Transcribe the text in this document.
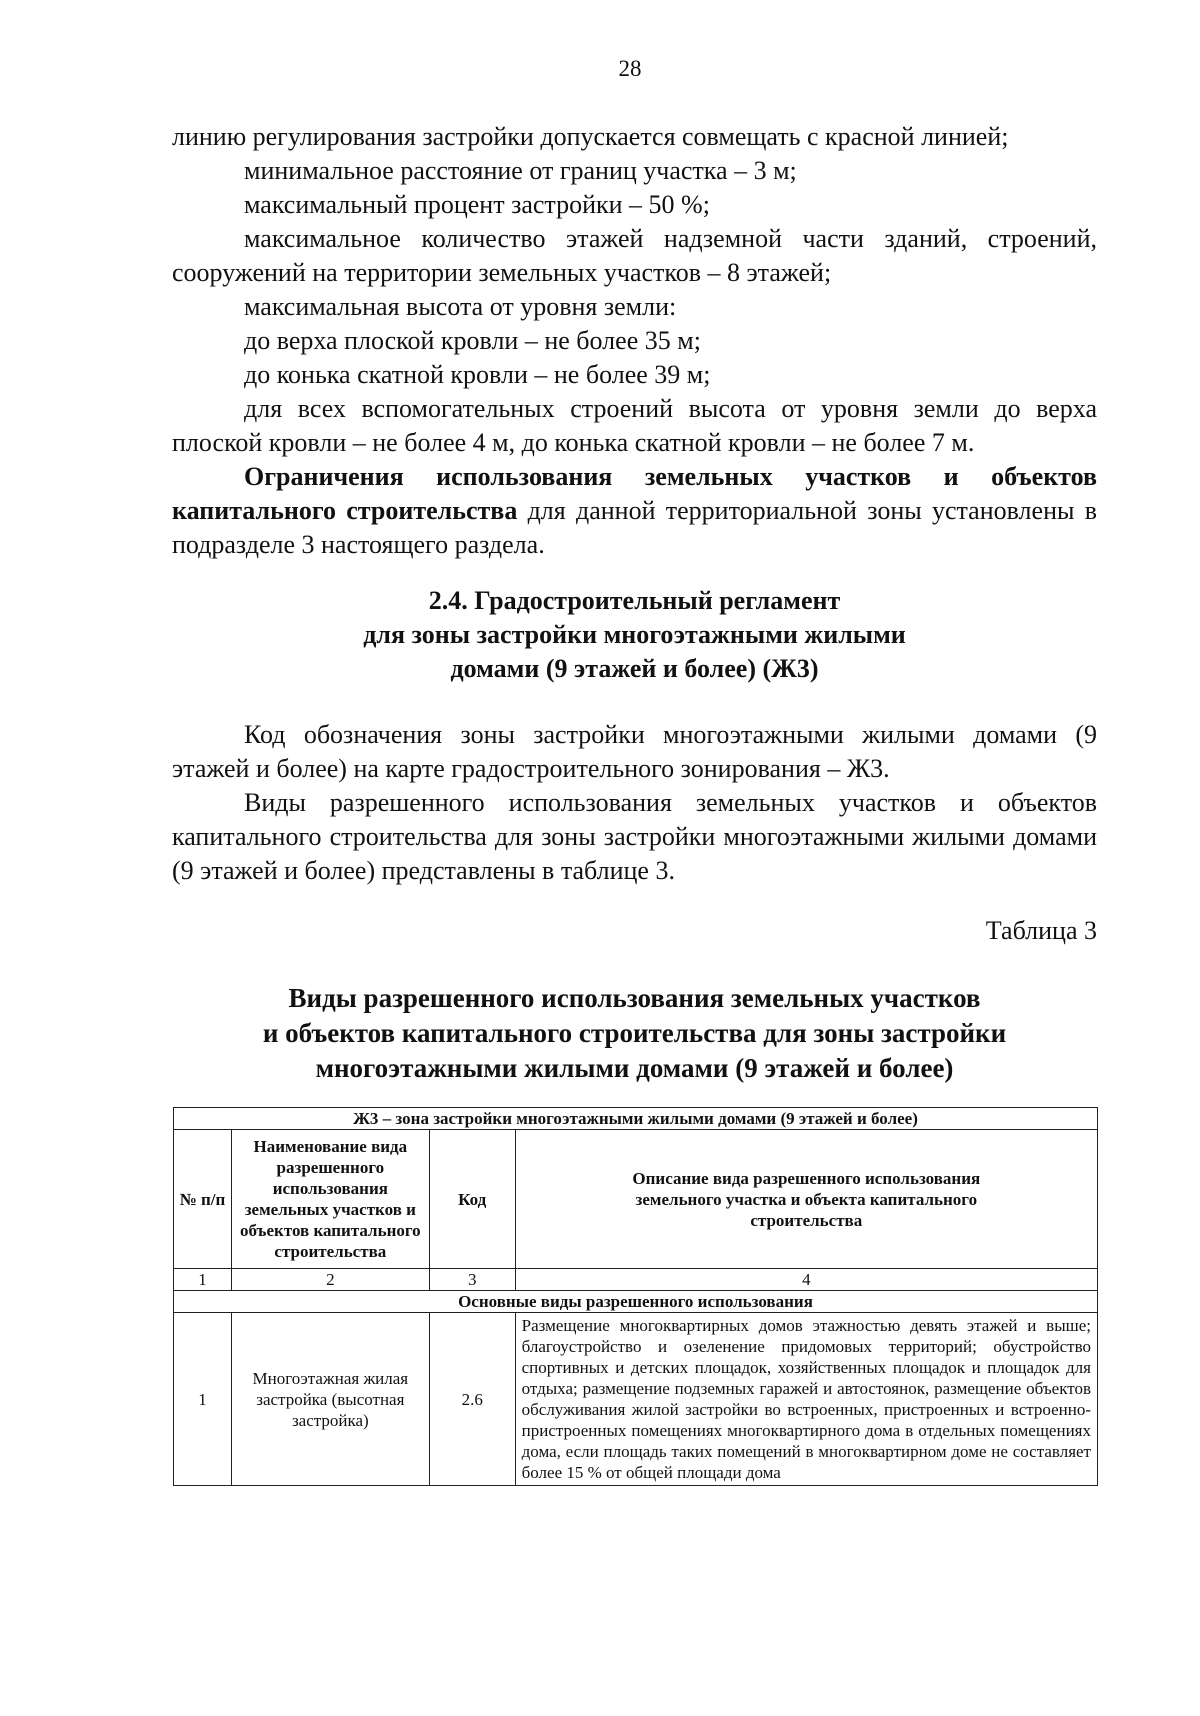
28

линию регулирования застройки допускается совмещать с красной линией;

минимальное расстояние от границ участка – 3 м;

максимальный процент застройки – 50 %;

максимальное количество этажей надземной части зданий, строений, сооружений на территории земельных участков – 8 этажей;

максимальная высота от уровня земли:

до верха плоской кровли – не более 35 м;

до конька скатной кровли – не более 39 м;

для всех вспомогательных строений высота от уровня земли до верха плоской кровли – не более 4 м, до конька скатной кровли – не более 7 м.

Ограничения использования земельных участков и объектов капитального строительства для данной территориальной зоны установлены в подразделе 3 настоящего раздела.

2.4. Градостроительный регламент
для зоны застройки многоэтажными жилыми
домами (9 этажей и более) (Ж3)

Код обозначения зоны застройки многоэтажными жилыми домами (9 этажей и более) на карте градостроительного зонирования – Ж3.

Виды разрешенного использования земельных участков и объектов капитального строительства для зоны застройки многоэтажными жилыми домами (9 этажей и более) представлены в таблице 3.

Таблица 3
Виды разрешенного использования земельных участков
и объектов капитального строительства для зоны застройки
многоэтажными жилыми домами (9 этажей и более)
Ж3 – зона застройки многоэтажными жилыми домами (9 этажей и более)			
№ п/п	Наименование вида разрешенного использования земельных участков и объектов капитального строительства	Код	Описание вида разрешенного использования земельного участка и объекта капитального строительства
1	2	3	4
Основные виды разрешенного использования			
1	Многоэтажная жилая застройка (высотная застройка)	2.6	Размещение многоквартирных домов этажностью девять этажей и выше; благоустройство и озеленение придомовых территорий; обустройство спортивных и детских площадок, хозяйственных площадок и площадок для отдыха; размещение подземных гаражей и автостоянок, размещение объектов обслуживания жилой застройки во встроенных, пристроенных и встроенно-пристроенных помещениях многоквартирного дома в отдельных помещениях дома, если площадь таких помещений в многоквартирном доме не составляет более 15 % от общей площади дома
